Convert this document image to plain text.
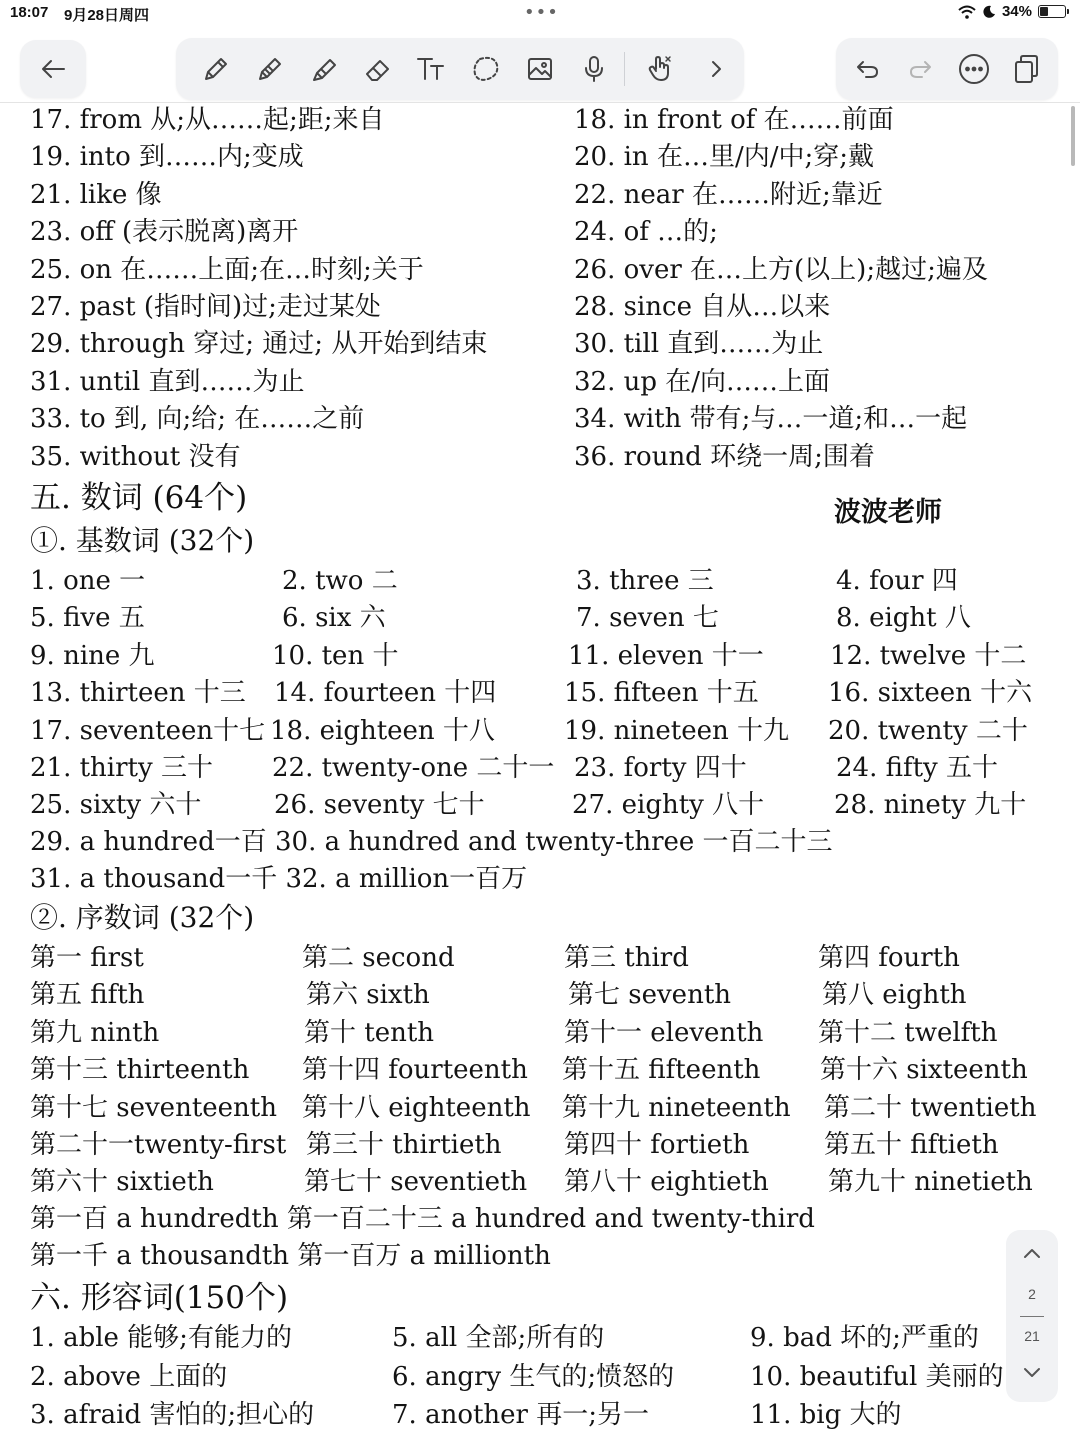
18:07 9月28日周四	•••	34%
17. from 从;从……起;距;来自	18. in front of 在……前面
19. into 到……内;变成	20. in 在…里/内/中;穿;戴
21. like 像	22. near 在……附近;靠近
23. off (表示脱离)离开	24. of …的;
25. on 在……上面;在…时刻;关于	26. over 在…上方(以上);越过;遍及
27. past (指时间)过;走过某处	28. since 自从…以来
29. through 穿过; 通过; 从开始到结束	30. till 直到……为止
31. until 直到……为止	32. up 在/向……上面
33. to 到, 向;给; 在……之前	34. with 带有;与…一道;和…一起
35. without 没有	36. round 环绕一周;围着
五. 数词 (64个)	波波老师
①. 基数词 (32个)
1. one 一	2. two 二	3. three 三	4. four 四
5. five 五	6. six 六	7. seven 七	8. eight 八
9. nine 九	10. ten 十	11. eleven 十一	12. twelve 十二
13. thirteen 十三	14. fourteen 十四	15. fifteen 十五	16. sixteen 十六
17. seventeen十七 18. eighteen 十八	19. nineteen 十九	20. twenty 二十
21. thirty 三十	22. twenty-one 二十一 23. forty 四十	24. fifty 五十
25. sixty 六十	26. seventy 七十	27. eighty 八十	28. ninety 九十
29. a hundred一百 30. a hundred and twenty-three 一百二十三
31. a thousand一千 32. a million一百万
②. 序数词 (32个)
第一 first	第二 second	第三 third	第四 fourth
第五 fifth	第六 sixth	第七 seventh	第八 eighth
第九 ninth	第十 tenth	第十一 eleventh	第十二 twelfth
第十三 thirteenth	第十四 fourteenth	第十五 fifteenth	第十六 sixteenth
第十七 seventeenth 第十八 eighteenth	第十九 nineteenth	第二十 twentieth
第二十一twenty-first 第三十 thirtieth	第四十 fortieth	第五十 fiftieth
第六十 sixtieth	第七十 seventieth	第八十 eightieth	第九十 ninetieth
第一百 a hundredth 第一百二十三 a hundred and twenty-third
第一千 a thousandth 第一百万 a millionth
六. 形容词(150个)
1. able 能够;有能力的	5. all 全部;所有的	9. bad 坏的;严重的
2. above 上面的	6. angry 生气的;愤怒的	10. beautiful 美丽的
3. afraid 害怕的;担心的	7. another 再一;另一	11. big 大的
2
21
